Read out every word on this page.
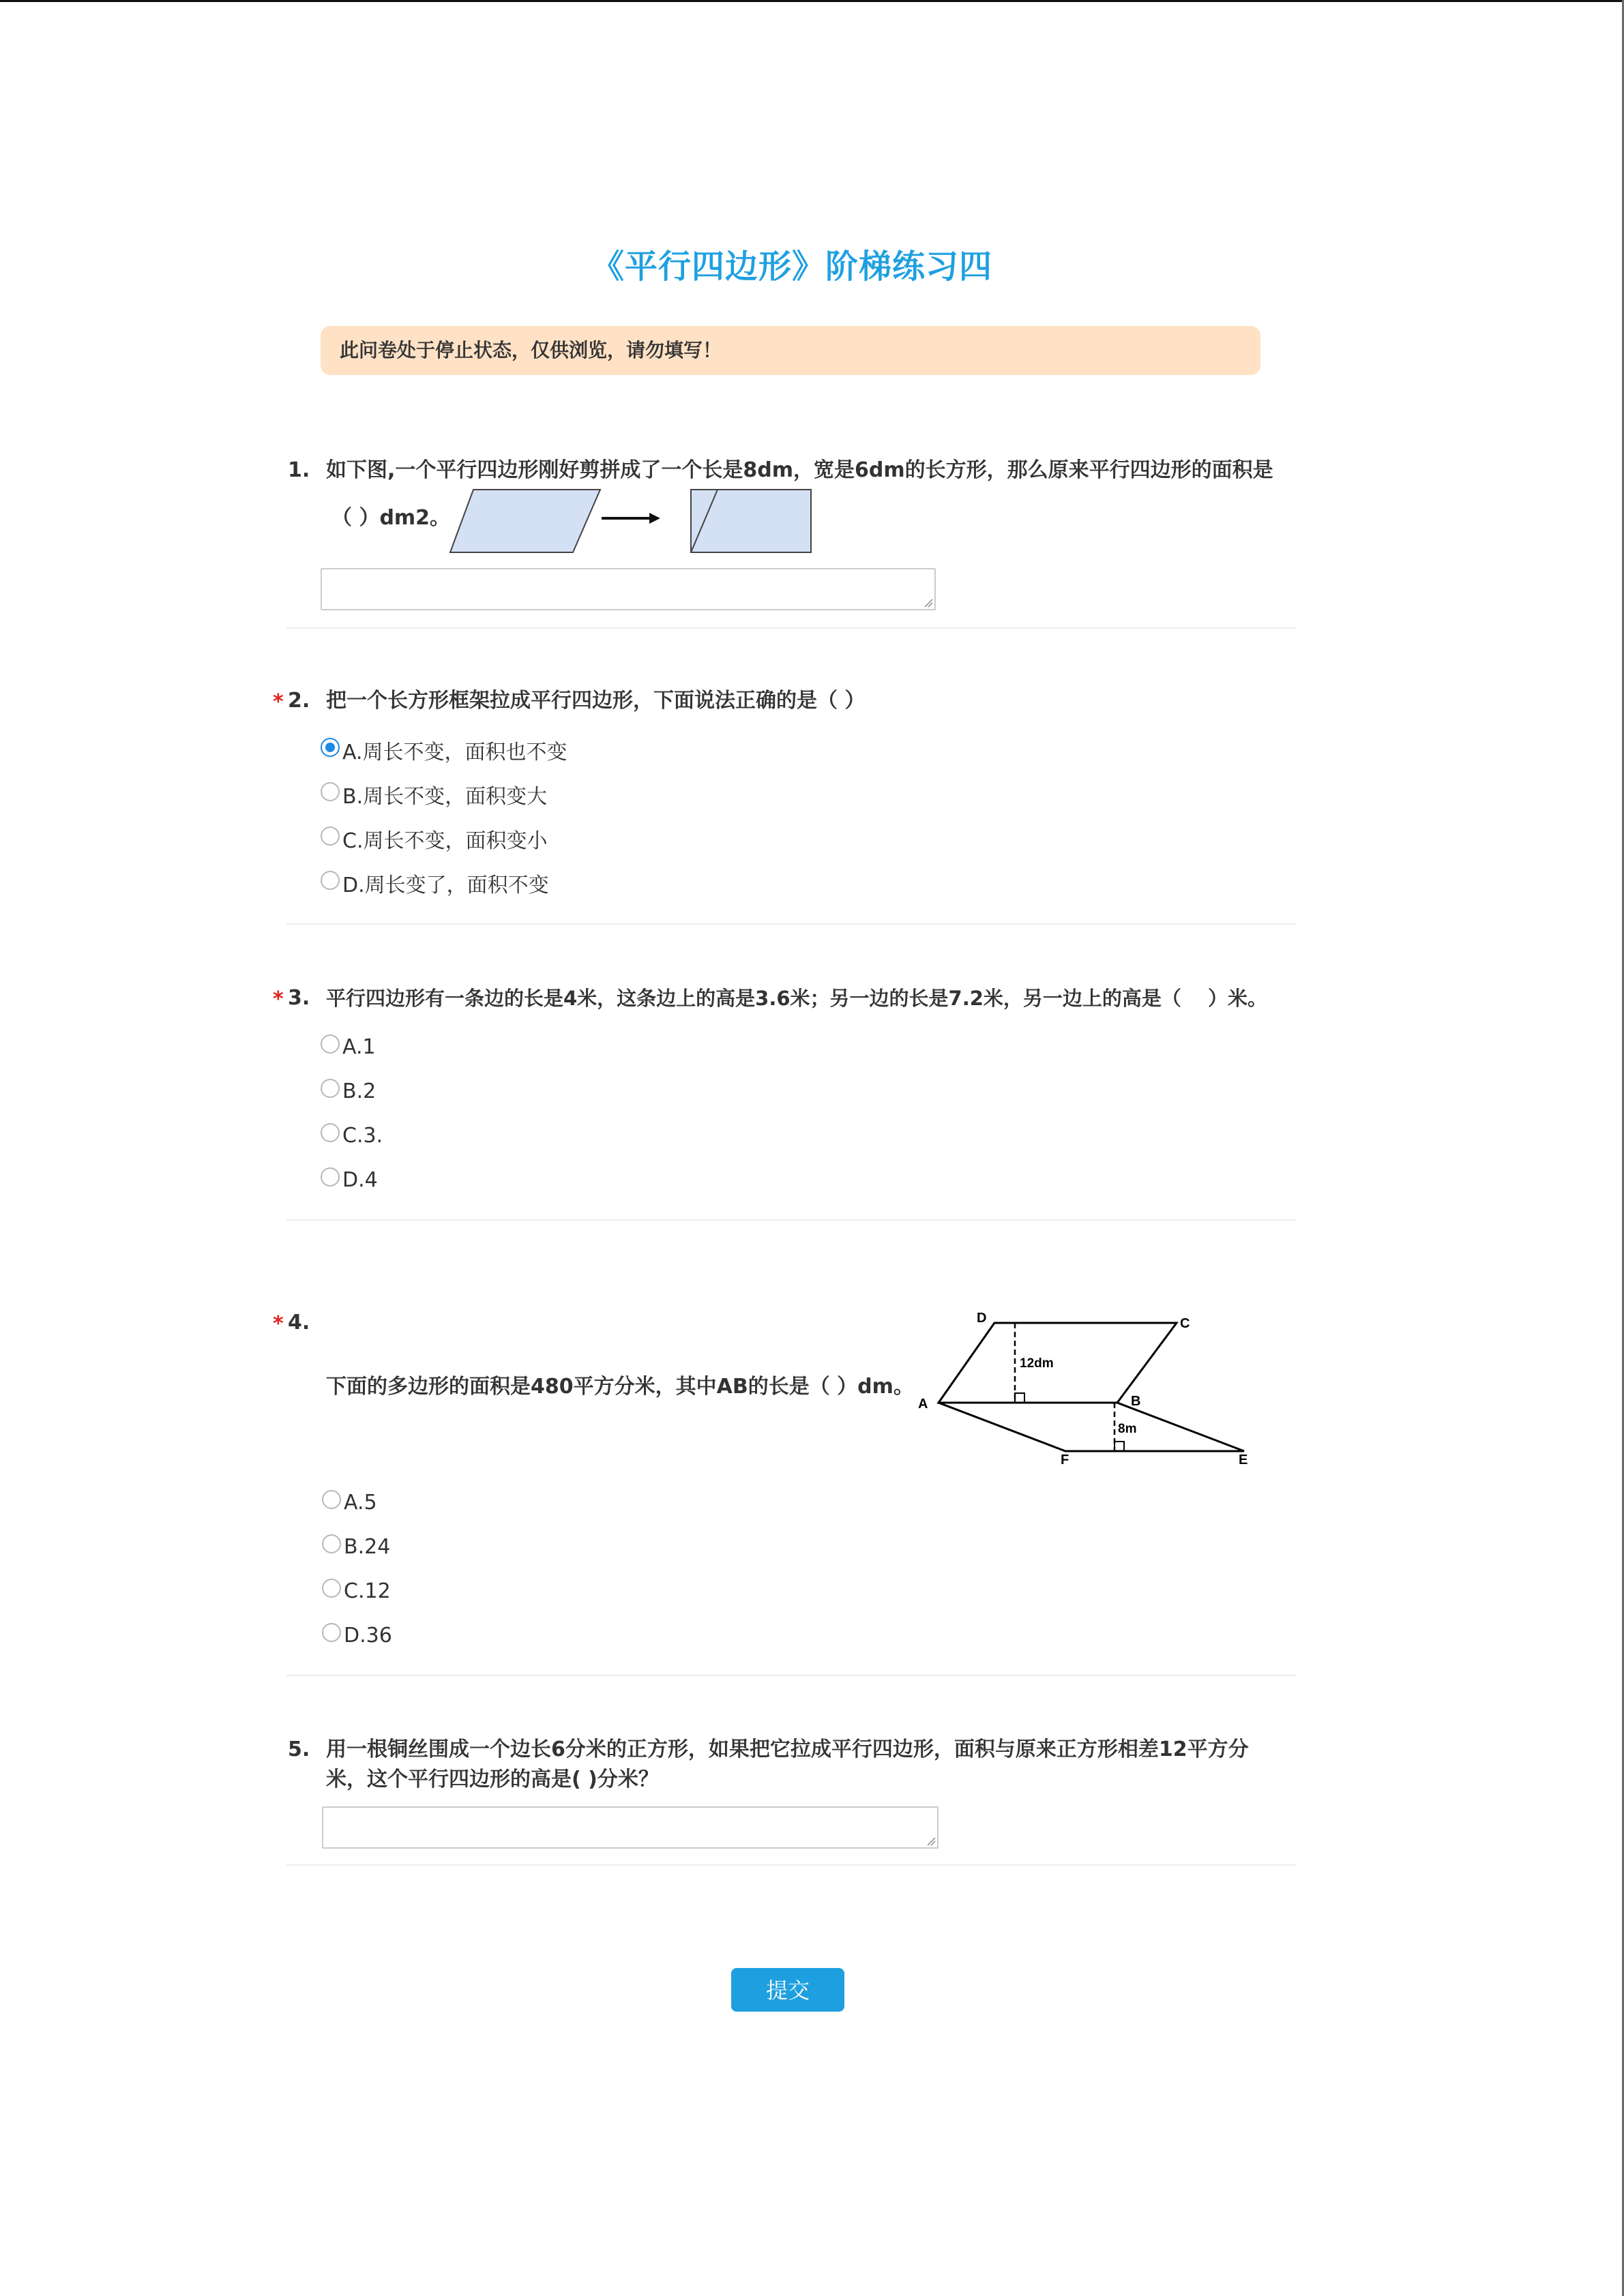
《平行四边形》阶梯练习四
此问卷处于停止状态，仅供浏览，请勿填写！
1. 如下图,一个平行四边形刚好剪拼成了一个长是8dm，宽是6dm的长方形，那么原来平行四边形的面积是
（ ）dm2。
* 2. 把一个长方形框架拉成平行四边形，下面说法正确的是（ ）
A.周长不变，面积也不变
B.周长不变，面积变大
C.周长不变，面积变小
D.周长变了，面积不变
* 3. 平行四边形有一条边的长是4米，这条边上的高是3.6米；另一边的长是7.2米，另一边上的高是（　 ）米。
A.1
B.2
C.3.
D.4
* 4.
下面的多边形的面积是480平方分米，其中AB的长是（ ）dm。
D	C
12dm
A	B
8m
F	E
A.5
B.24
C.12
D.36
5. 用一根铜丝围成一个边长6分米的正方形，如果把它拉成平行四边形，面积与原来正方形相差12平方分
米，这个平行四边形的高是( )分米？
提交
